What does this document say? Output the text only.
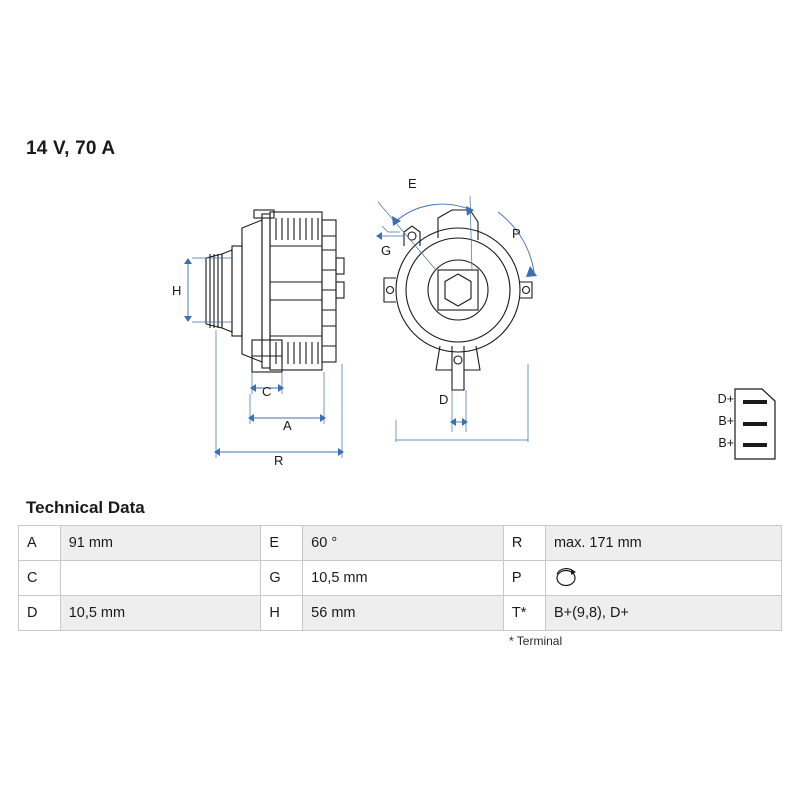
14 V, 70 A
H
C
A
R
E
G
P
D	D+
B+
B+
Technical Data
A	91 mm	E	60 °	R	max. 171 mm
C		G	10,5 mm	P	

D	10,5 mm	H	56 mm	T*	B+(9,8), D+
* Terminal
